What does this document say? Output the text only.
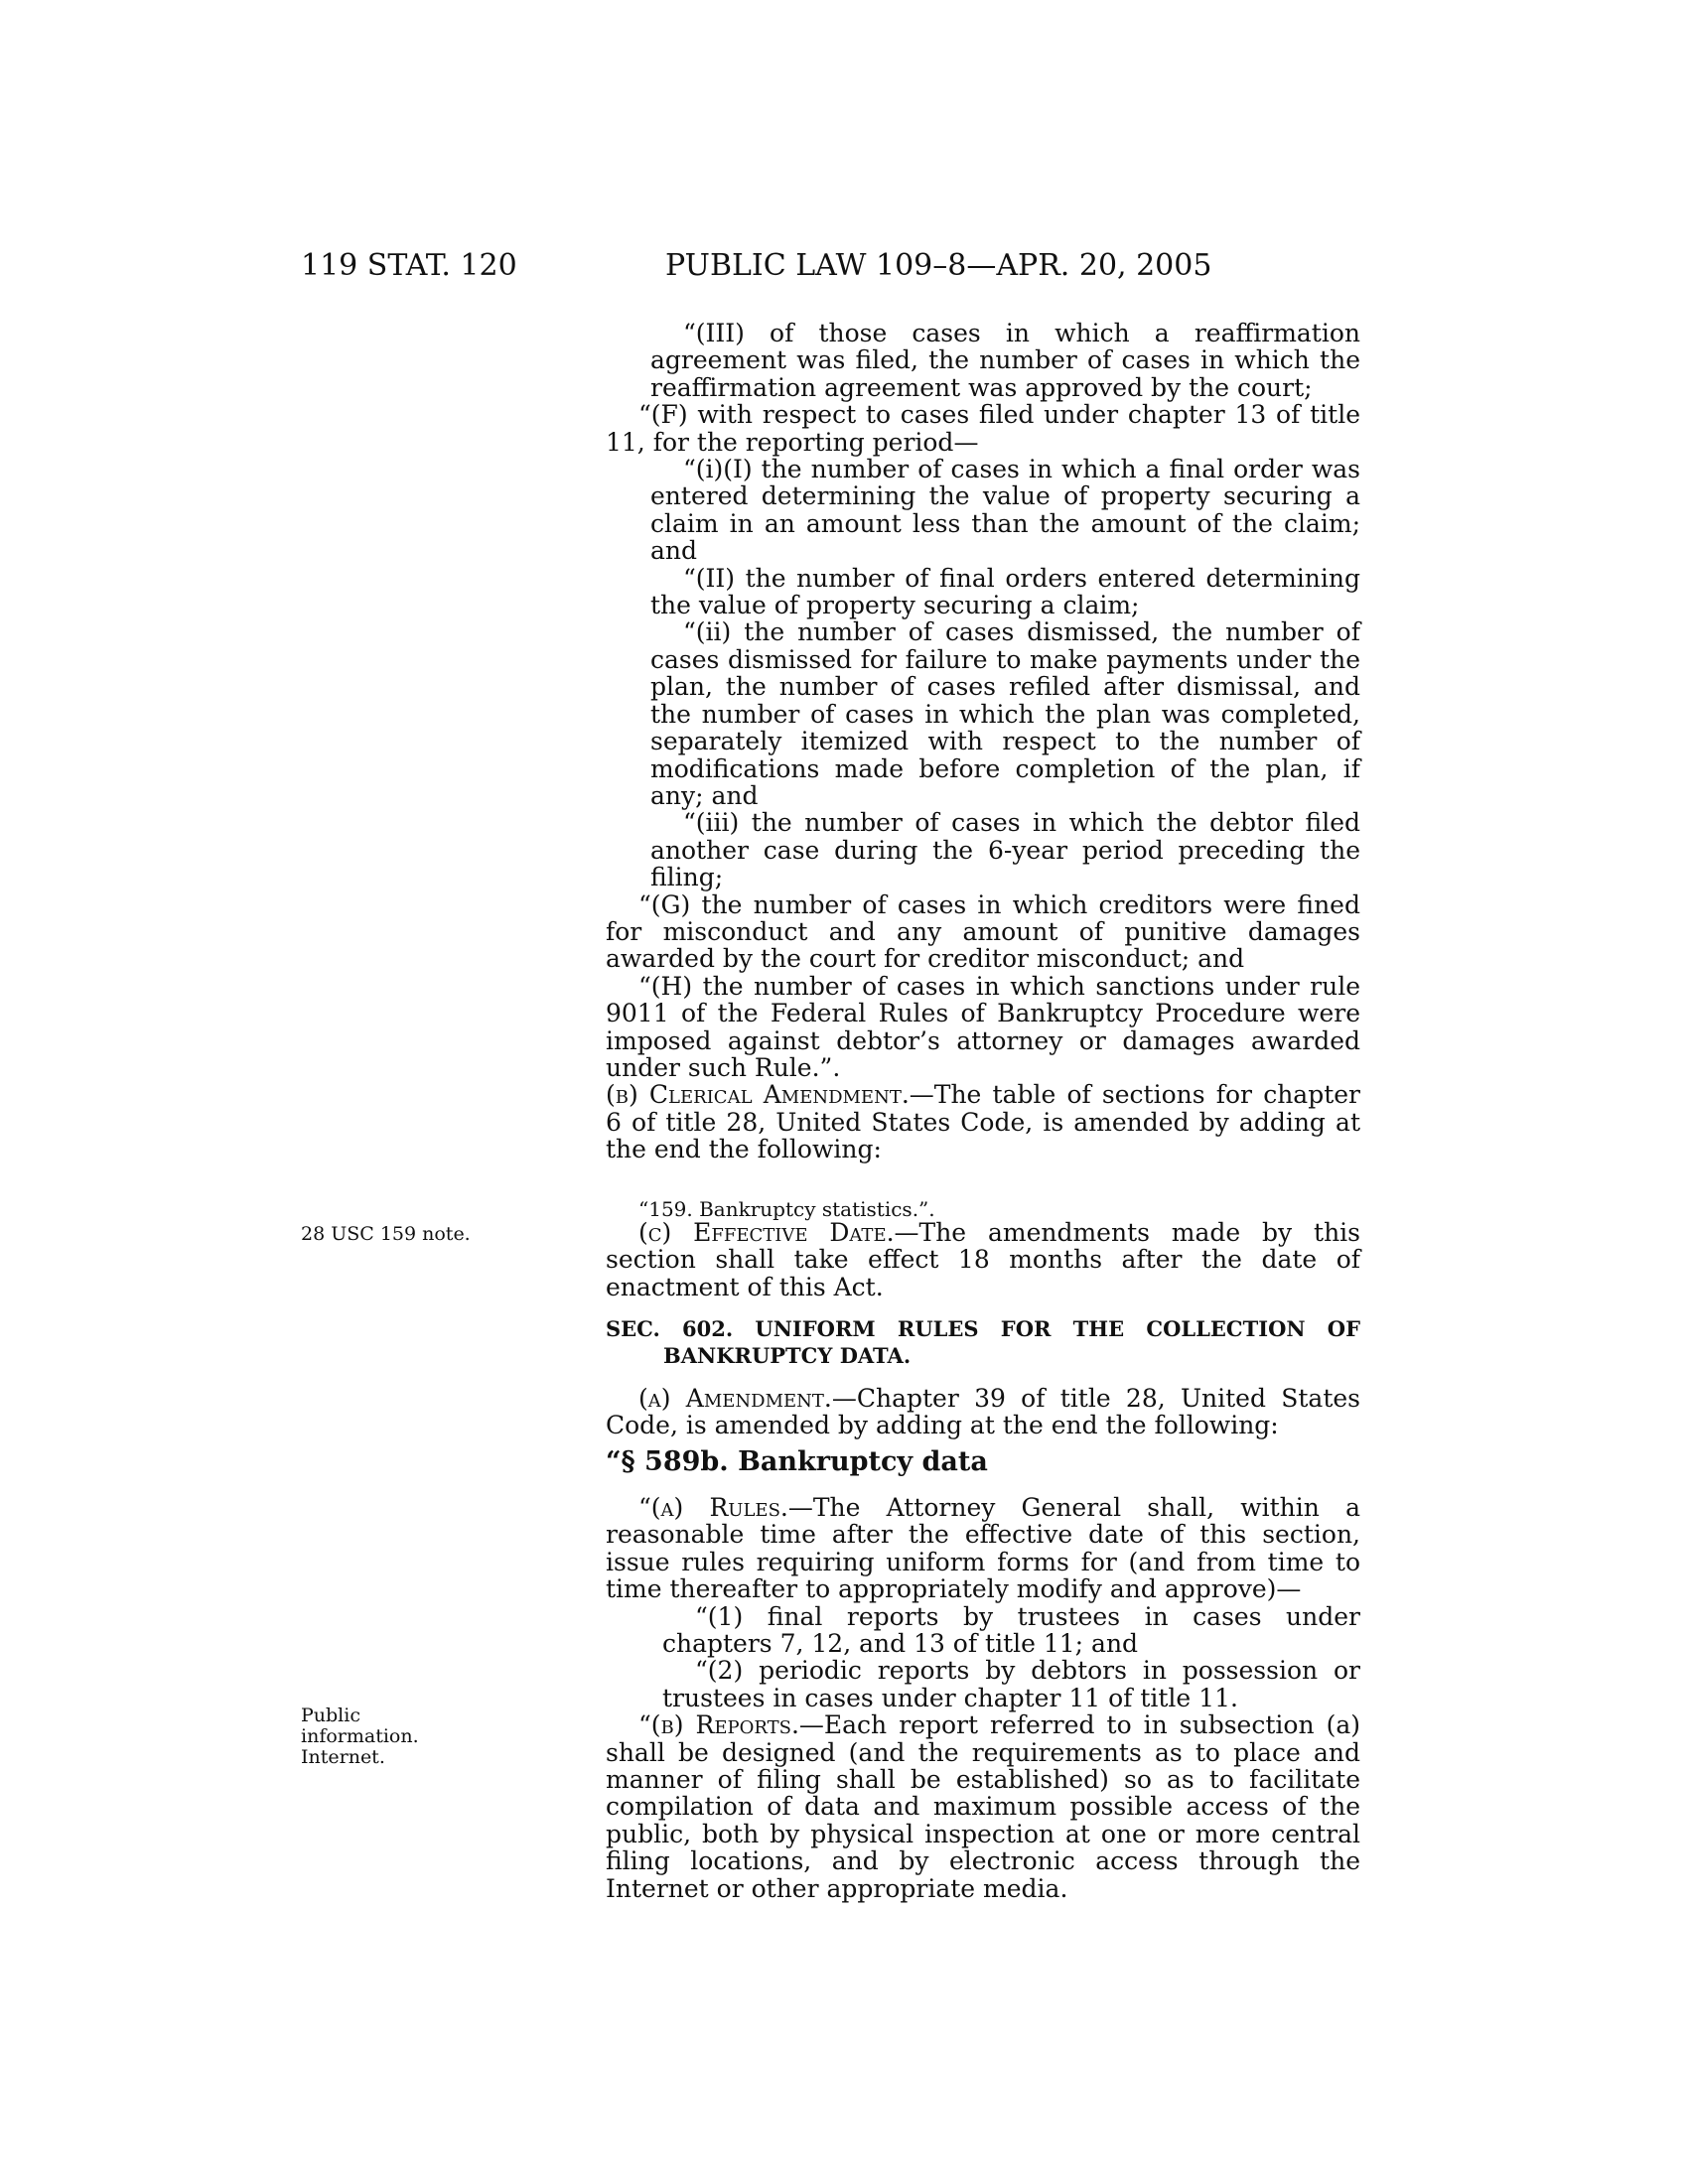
119 STAT. 120	PUBLIC LAW 109–8—APR. 20, 2005

“(III) of those cases in which a reaffirmation agreement was filed, the number of cases in which the reaffirmation agreement was approved by the court;

“(F) with respect to cases filed under chapter 13 of title 11, for the reporting period—

“(i)(I) the number of cases in which a final order was entered determining the value of property securing a claim in an amount less than the amount of the claim; and

“(II) the number of final orders entered determining the value of property securing a claim;

“(ii) the number of cases dismissed, the number of cases dismissed for failure to make payments under the plan, the number of cases refiled after dismissal, and the number of cases in which the plan was completed, separately itemized with respect to the number of modifications made before completion of the plan, if any; and

“(iii) the number of cases in which the debtor filed another case during the 6-year period preceding the filing;

“(G) the number of cases in which creditors were fined for misconduct and any amount of punitive damages awarded by the court for creditor misconduct; and

“(H) the number of cases in which sanctions under rule 9011 of the Federal Rules of Bankruptcy Procedure were imposed against debtor’s attorney or damages awarded under such Rule.”.

(b) Clerical Amendment.—The table of sections for chapter 6 of title 28, United States Code, is amended by adding at the end the following:

“159. Bankruptcy statistics.”.

28 USC 159 note.	(c) Effective Date.—The amendments made by this section shall take effect 18 months after the date of enactment of this Act.

SEC. 602. UNIFORM RULES FOR THE COLLECTION OF BANKRUPTCY DATA.

(a) Amendment.—Chapter 39 of title 28, United States Code, is amended by adding at the end the following:

“§ 589b. Bankruptcy data

“(a) Rules.—The Attorney General shall, within a reasonable time after the effective date of this section, issue rules requiring uniform forms for (and from time to time thereafter to appropriately modify and approve)—

“(1) final reports by trustees in cases under chapters 7, 12, and 13 of title 11; and

“(2) periodic reports by debtors in possession or trustees in cases under chapter 11 of title 11.

“(b) Reports.—Each report referred to in subsection (a) shall be designed (and the requirements as to place and manner of filing shall be established) so as to facilitate compilation of data and maximum possible access of the public, both by physical inspection at one or more central filing locations, and by electronic access through the Internet or other appropriate media.

Public
information.
Internet.
